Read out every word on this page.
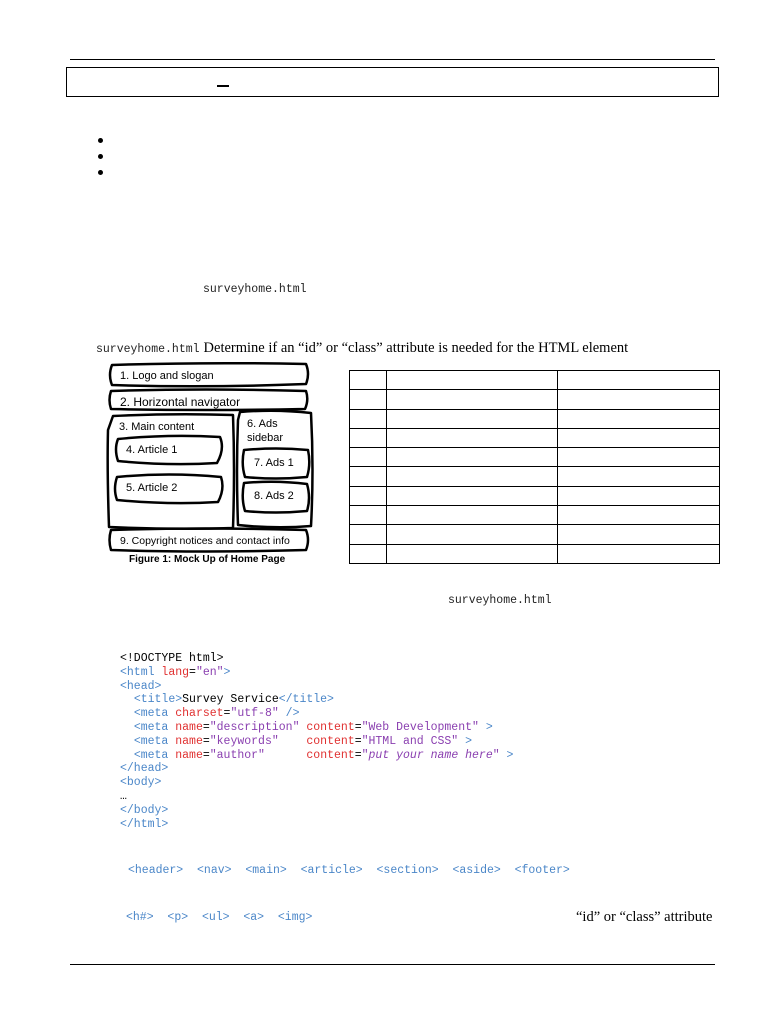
surveyhome.html
surveyhome.html Determine if an “id” or “class” attribute is needed for the HTML element
1. Logo and slogan
2. Horizontal navigator
3. Main content
4. Article 1
5. Article 2
6. Ads
sidebar
7. Ads 1
8. Ads 2
9. Copyright notices and contact info
Figure 1: Mock Up of Home Page

surveyhome.html
<!DOCTYPE html>
<html lang="en">
<head>
<title>Survey Service</title>
<meta charset="utf-8" />
<meta name="description" content="Web Development" >
<meta name="keywords" content="HTML and CSS" >
<meta name="author"	content="put your name here" >
</head>
<body>
…
</body>
</html>
<header> <nav> <main> <article> <section> <aside> <footer>
<h#> <p> <ul> <a> <img>	“id” or “class” attribute
